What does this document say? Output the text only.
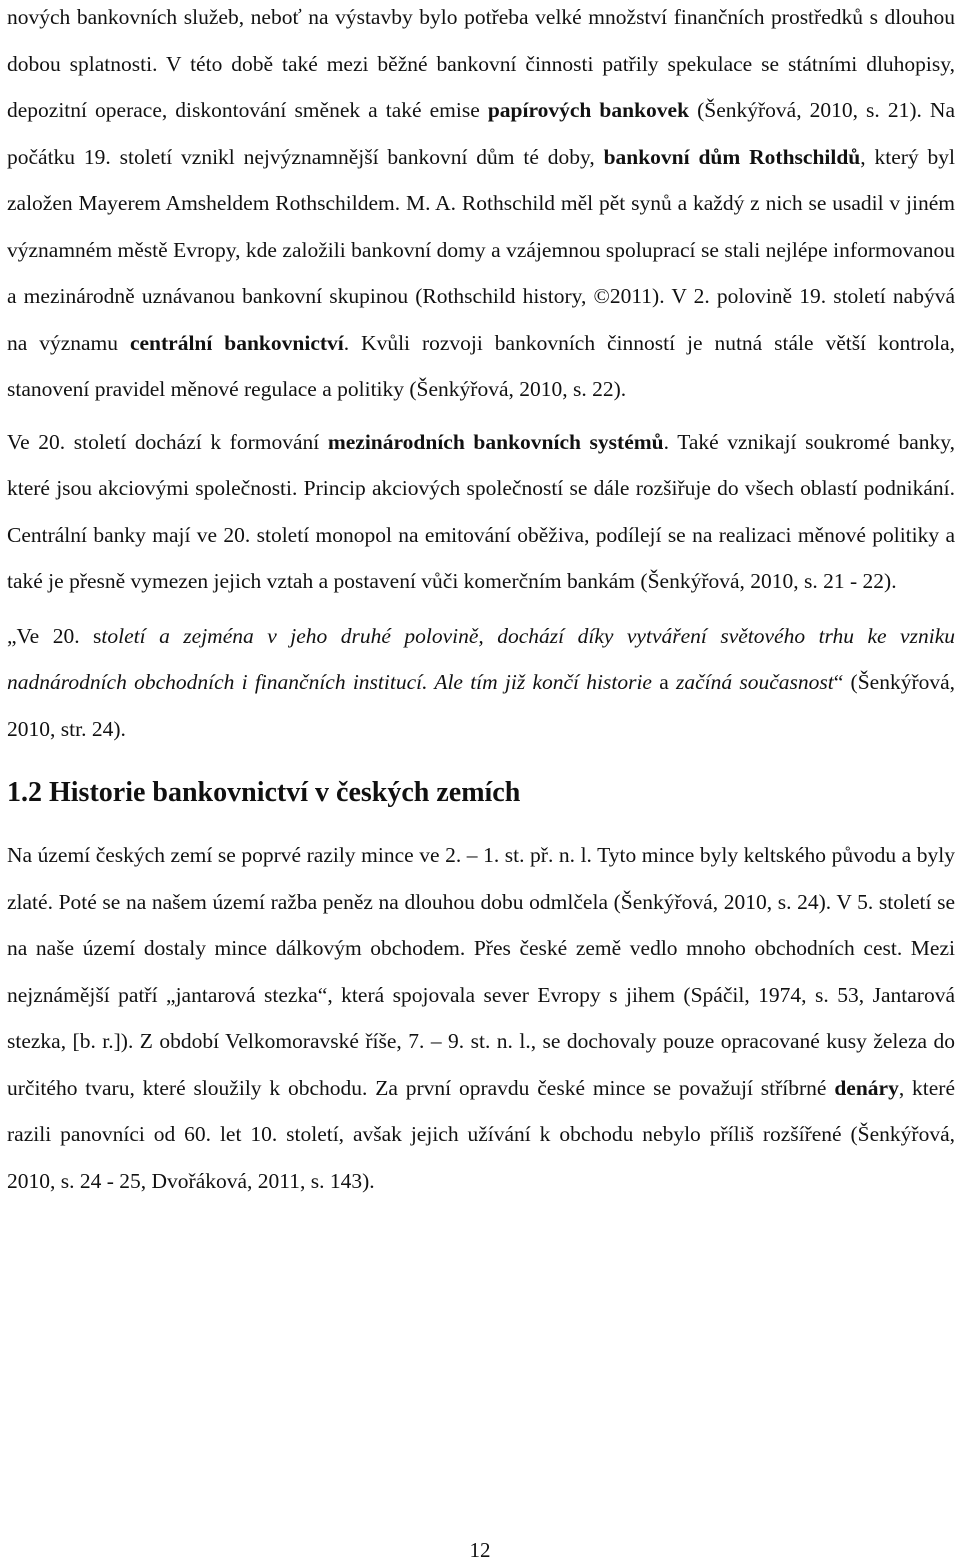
nových bankovních služeb, neboť na výstavby bylo potřeba velké množství finančních prostředků s dlouhou dobou splatnosti. V této době také mezi běžné bankovní činnosti patřily spekulace se státními dluhopisy, depozitní operace, diskontování směnek a také emise papírových bankovek (Šenkýřová, 2010, s. 21). Na počátku 19. století vznikl nejvýznamnější bankovní dům té doby, bankovní dům Rothschildů, který byl založen Mayerem Amsheldem Rothschildem. M. A. Rothschild měl pět synů a každý z nich se usadil v jiném významném městě Evropy, kde založili bankovní domy a vzájemnou spoluprací se stali nejlépe informovanou a mezinárodně uznávanou bankovní skupinou (Rothschild history, ©2011). V 2. polovině 19. století nabývá na významu centrální bankovnictví. Kvůli rozvoji bankovních činností je nutná stále větší kontrola, stanovení pravidel měnové regulace a politiky (Šenkýřová, 2010, s. 22).

Ve 20. století dochází k formování mezinárodních bankovních systémů. Také vznikají soukromé banky, které jsou akciovými společnosti. Princip akciových společností se dále rozšiřuje do všech oblastí podnikání. Centrální banky mají ve 20. století monopol na emitování oběživa, podílejí se na realizaci měnové politiky a také je přesně vymezen jejich vztah a postavení vůči komerčním bankám (Šenkýřová, 2010, s. 21 - 22).

„Ve 20. století a zejména v jeho druhé polovině, dochází díky vytváření světového trhu ke vzniku nadnárodních obchodních i finančních institucí. Ale tím již končí historie a začíná současnost“ (Šenkýřová, 2010, str. 24).

1.2 Historie bankovnictví v českých zemích

Na území českých zemí se poprvé razily mince ve 2. – 1. st. př. n. l. Tyto mince byly keltského původu a byly zlaté. Poté se na našem území ražba peněz na dlouhou dobu odmlčela (Šenkýřová, 2010, s. 24). V 5. století se na naše území dostaly mince dálkovým obchodem. Přes české země vedlo mnoho obchodních cest. Mezi nejznámější patří „jantarová stezka“, která spojovala sever Evropy s jihem (Spáčil, 1974, s. 53, Jantarová stezka, [b. r.]). Z období Velkomoravské říše, 7. – 9. st. n. l., se dochovaly pouze opracované kusy železa do určitého tvaru, které sloužily k obchodu. Za první opravdu české mince se považují stříbrné denáry, které razili panovníci od 60. let 10. století, avšak jejich užívání k obchodu nebylo příliš rozšířené (Šenkýřová, 2010, s. 24 - 25, Dvořáková, 2011, s. 143).

12
